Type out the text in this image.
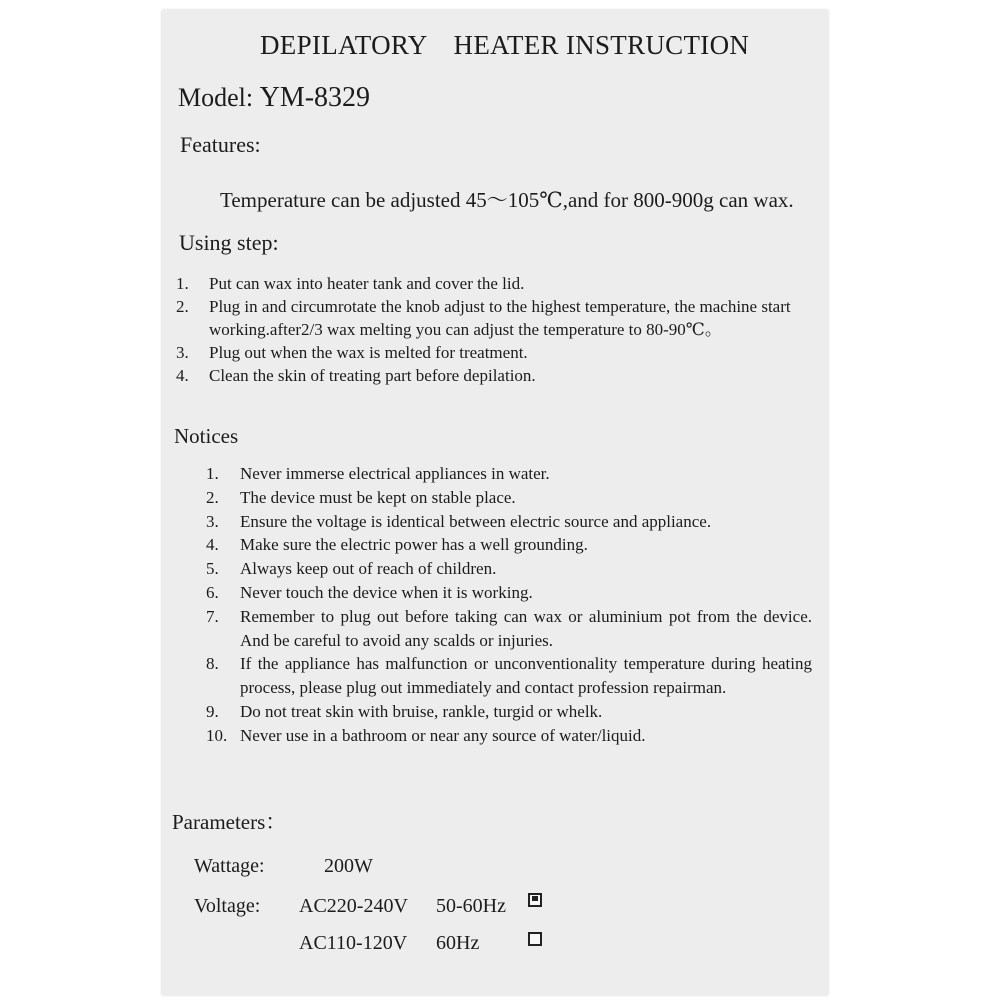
DEPILATORY HEATER INSTRUCTION
Model: YM-8329
Features:
Temperature can be adjusted 45～105℃,and for 800-900g can wax.
Using step:
1.	Put can wax into heater tank and cover the lid.
2.	Plug in and circumrotate the knob adjust to the highest temperature, the machine start working.after2/3 wax melting you can adjust the temperature to 80-90℃。
3.	Plug out when the wax is melted for treatment.
4.	Clean the skin of treating part before depilation.
Notices
1.	Never immerse electrical appliances in water.
2.	The device must be kept on stable place.
3.	Ensure the voltage is identical between electric source and appliance.
4.	Make sure the electric power has a well grounding.
5.	Always keep out of reach of children.
6.	Never touch the device when it is working.
7.	Remember to plug out before taking can wax or aluminium pot from the device. And be careful to avoid any scalds or injuries.
8.	If the appliance has malfunction or unconventionality temperature during heating process, please plug out immediately and contact profession repairman.
9.	Do not treat skin with bruise, rankle, turgid or whelk.
10. Never use in a bathroom or near any source of water/liquid.
Parameters：
Wattage:	200W
Voltage: AC220-240V 50-60Hz
AC110-120V 60Hz
